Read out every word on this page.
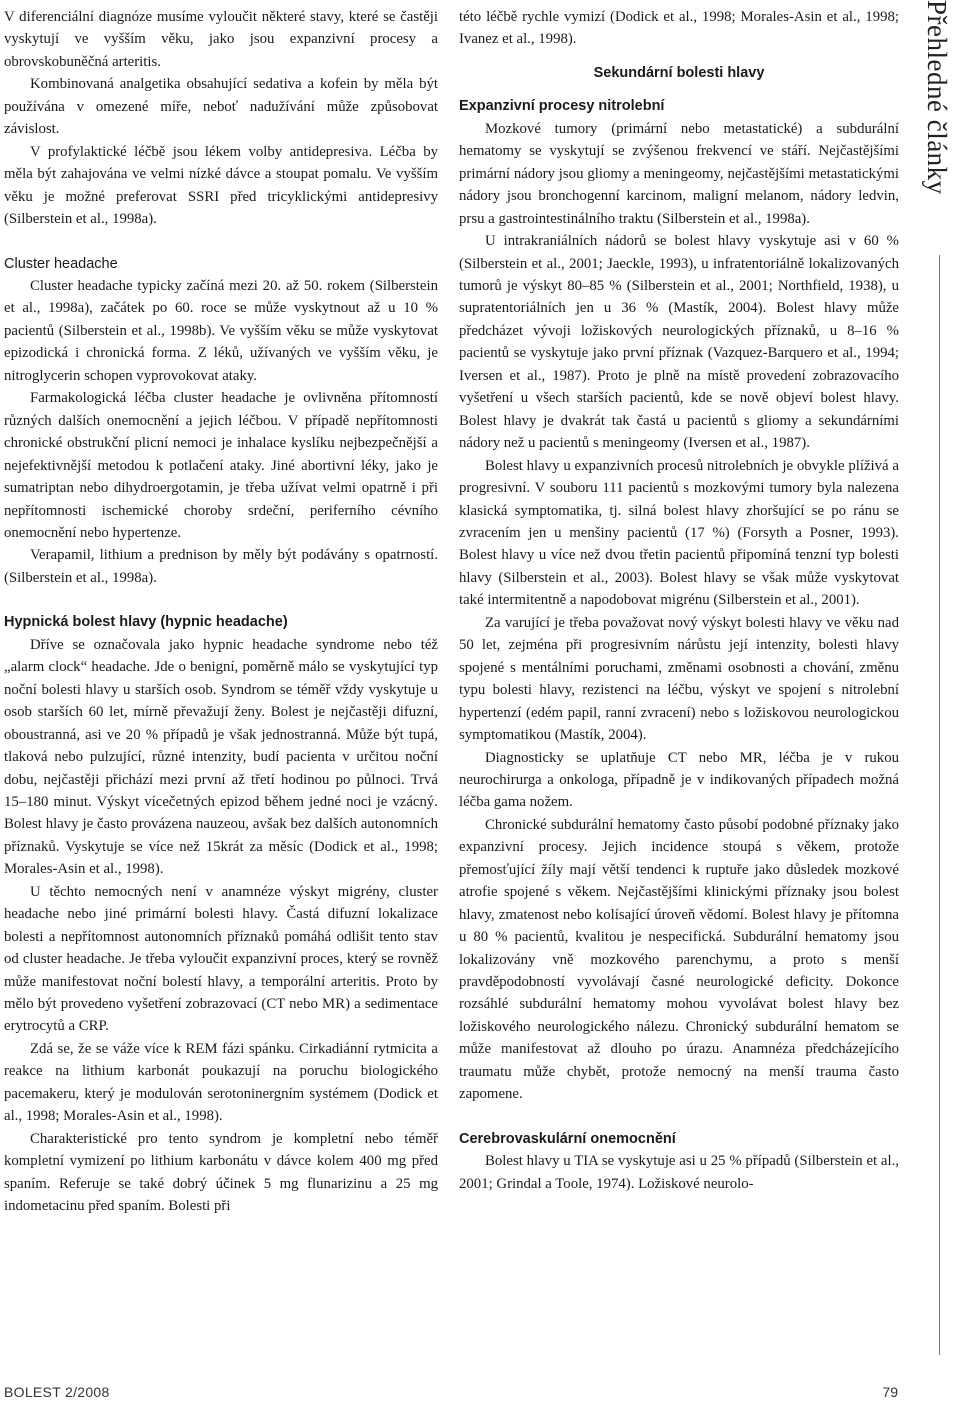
V diferenciální diagnóze musíme vyloučit některé stavy, které se častěji vyskytují ve vyšším věku, jako jsou expanzivní procesy a obrovskobuněčná arteritis.

Kombinovaná analgetika obsahující sedativa a kofein by měla být používána v omezené míře, neboť nadužívání může způsobovat závislost.

V profylaktické léčbě jsou lékem volby antidepresiva. Léčba by měla být zahajována ve velmi nízké dávce a stoupat pomalu. Ve vyšším věku je možné preferovat SSRI před tricyklickými antidepresivy (Silberstein et al., 1998a).

Cluster headache

Cluster headache typicky začíná mezi 20. až 50. rokem (Silberstein et al., 1998a), začátek po 60. roce se může vyskytnout až u 10 % pacientů (Silberstein et al., 1998b). Ve vyšším věku se může vyskytovat epizodická i chronická forma. Z léků, užívaných ve vyšším věku, je nitroglycerin schopen vyprovokovat ataky.

Farmakologická léčba cluster headache je ovlivněna přítomností různých dalších onemocnění a jejich léčbou. V případě nepřítomnosti chronické obstrukční plicní nemoci je inhalace kyslíku nejbezpečnější a nejefektivnější metodou k potlačení ataky. Jiné abortivní léky, jako je sumatriptan nebo dihydroergotamin, je třeba užívat velmi opatrně i při nepřítomnosti ischemické choroby srdeční, periferního cévního onemocnění nebo hypertenze.

Verapamil, lithium a prednison by měly být podávány s opatrností. (Silberstein et al., 1998a).

Hypnická bolest hlavy (hypnic headache)

Dříve se označovala jako hypnic headache syndrome nebo též „alarm clock“ headache. Jde o benigní, poměrně málo se vyskytující typ noční bolesti hlavy u starších osob. Syndrom se téměř vždy vyskytuje u osob starších 60 let, mírně převažují ženy. Bolest je nejčastěji difuzní, oboustranná, asi ve 20 % případů je však jednostranná. Může být tupá, tlaková nebo pulzující, různé intenzity, budí pacienta v určitou noční dobu, nejčastěji přichází mezi první až třetí hodinou po půlnoci. Trvá 15–180 minut. Výskyt vícečetných epizod během jedné noci je vzácný. Bolest hlavy je často provázena nauzeou, avšak bez dalších autonomních příznaků. Vyskytuje se více než 15krát za měsíc (Dodick et al., 1998; Morales-Asin et al., 1998).

U těchto nemocných není v anamnéze výskyt migrény, cluster headache nebo jiné primární bolesti hlavy. Častá difuzní lokalizace bolesti a nepřítomnost autonomních příznaků pomáhá odlišit tento stav od cluster headache. Je třeba vyloučit expanzivní proces, který se rovněž může manifestovat noční bolestí hlavy, a temporální arteritis. Proto by mělo být provedeno vyšetření zobrazovací (CT nebo MR) a sedimentace erytrocytů a CRP.

Zdá se, že se váže více k REM fázi spánku. Cirkadiánní rytmicita a reakce na lithium karbonát poukazují na poruchu biologického pacemakeru, který je modulován serotoninergním systémem (Dodick et al., 1998; Morales-Asin et al., 1998).

Charakteristické pro tento syndrom je kompletní nebo téměř kompletní vymizení po lithium karbonátu v dávce kolem 400 mg před spaním. Referuje se také dobrý účinek 5 mg flunarizinu a 25 mg indometacinu před spaním. Bolesti při

této léčbě rychle vymizí (Dodick et al., 1998; Morales-Asin et al., 1998; Ivanez et al., 1998).

Sekundární bolesti hlavy
Expanzivní procesy nitrolební

Mozkové tumory (primární nebo metastatické) a subdurální hematomy se vyskytují se zvýšenou frekvencí ve stáří. Nejčastějšími primární nádory jsou gliomy a meningeomy, nejčastějšími metastatickými nádory jsou bronchogenní karcinom, maligní melanom, nádory ledvin, prsu a gastrointestinálního traktu (Silberstein et al., 1998a).

U intrakraniálních nádorů se bolest hlavy vyskytuje asi v 60 % (Silberstein et al., 2001; Jaeckle, 1993), u infratentoriálně lokalizovaných tumorů je výskyt 80–85 % (Silberstein et al., 2001; Northfield, 1938), u supratentoriálních jen u 36 % (Mastík, 2004). Bolest hlavy může předcházet vývoji ložiskových neurologických příznaků, u 8–16 % pacientů se vyskytuje jako první příznak (Vazquez-Barquero et al., 1994; Iversen et al., 1987). Proto je plně na místě provedení zobrazovacího vyšetření u všech starších pacientů, kde se nově objeví bolest hlavy. Bolest hlavy je dvakrát tak častá u pacientů s gliomy a sekundárními nádory než u pacientů s meningeomy (Iversen et al., 1987).

Bolest hlavy u expanzivních procesů nitrolebních je obvykle plíživá a progresivní. V souboru 111 pacientů s mozkovými tumory byla nalezena klasická symptomatika, tj. silná bolest hlavy zhoršující se po ránu se zvracením jen u menšiny pacientů (17 %) (Forsyth a Posner, 1993). Bolest hlavy u více než dvou třetin pacientů připomíná tenzní typ bolesti hlavy (Silberstein et al., 2003). Bolest hlavy se však může vyskytovat také intermitentně a napodobovat migrénu (Silberstein et al., 2001).

Za varující je třeba považovat nový výskyt bolesti hlavy ve věku nad 50 let, zejména při progresivním nárůstu její intenzity, bolesti hlavy spojené s mentálními poruchami, změnami osobnosti a chování, změnu typu bolesti hlavy, rezistenci na léčbu, výskyt ve spojení s nitrolební hypertenzí (edém papil, ranní zvracení) nebo s ložiskovou neurologickou symptomatikou (Mastík, 2004).

Diagnosticky se uplatňuje CT nebo MR, léčba je v rukou neurochirurga a onkologa, případně je v indikovaných případech možná léčba gama nožem.

Chronické subdurální hematomy často působí podobné příznaky jako expanzivní procesy. Jejich incidence stoupá s věkem, protože přemosťující žíly mají větší tendenci k ruptuře jako důsledek mozkové atrofie spojené s věkem. Nejčastějšími klinickými příznaky jsou bolest hlavy, zmatenost nebo kolísající úroveň vědomí. Bolest hlavy je přítomna u 80 % pacientů, kvalitou je nespecifická. Subdurální hematomy jsou lokalizovány vně mozkového parenchymu, a proto s menší pravděpodobností vyvolávají časné neurologické deficity. Dokonce rozsáhlé subdurální hematomy mohou vyvolávat bolest hlavy bez ložiskového neurologického nálezu. Chronický subdurální hematom se může manifestovat až dlouho po úrazu. Anamnéza předcházejícího traumatu může chybět, protože nemocný na menší trauma často zapomene.

Cerebrovaskulární onemocnění

Bolest hlavy u TIA se vyskytuje asi u 25 % případů (Silberstein et al., 2001; Grindal a Toole, 1974). Ložiskové neurolo-

Přehledné články
BOLEST 2/2008	79
